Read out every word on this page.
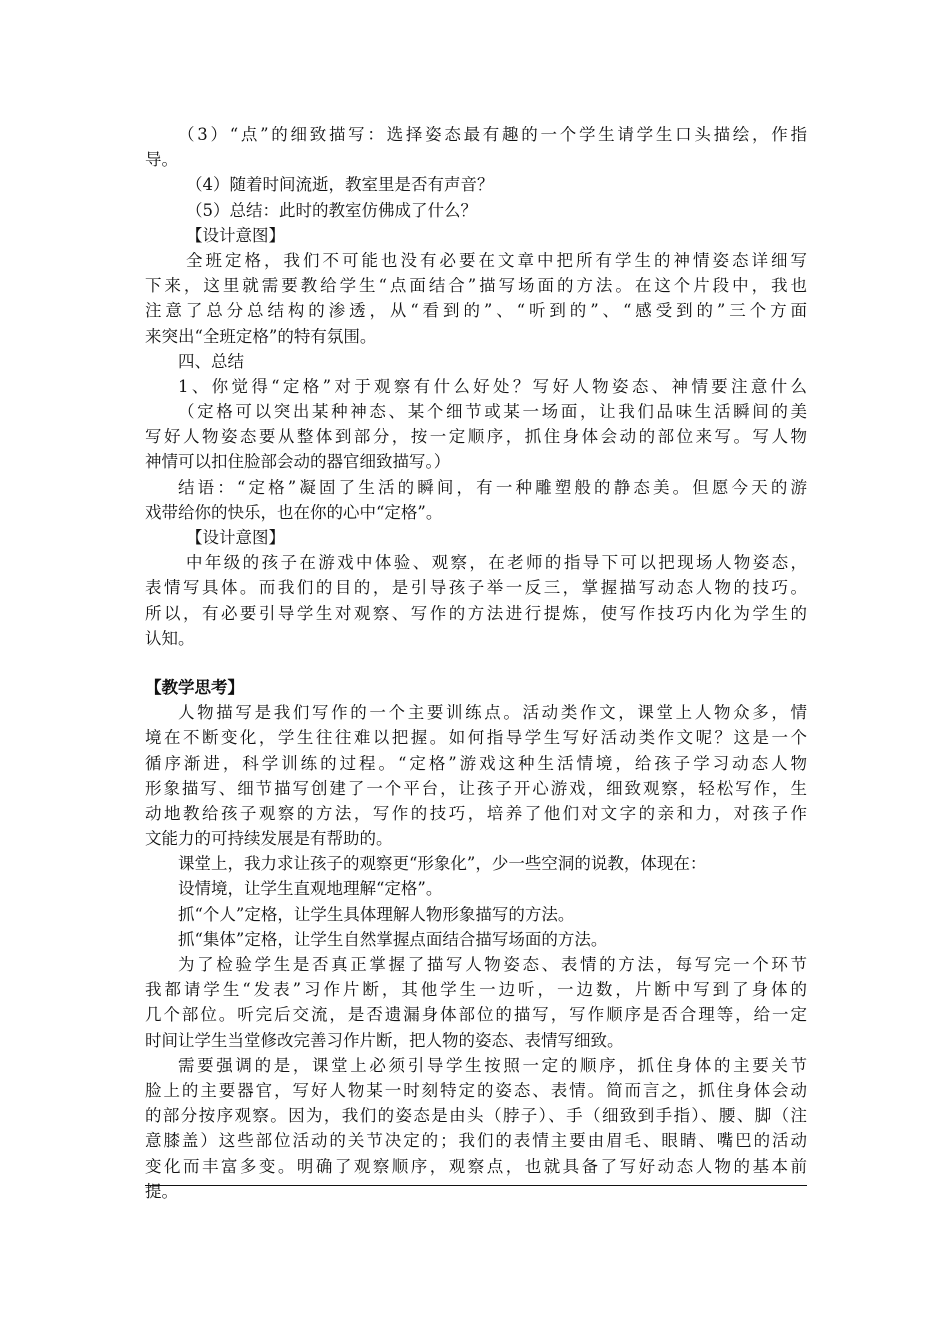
（3）“点”的细致描写：选择姿态最有趣的一个学生请学生口头描绘，作指

导。

（4）随着时间流逝，教室里是否有声音？

（5）总结：此时的教室仿佛成了什么？

【设计意图】

全班定格，我们不可能也没有必要在文章中把所有学生的神情姿态详细写

下来，这里就需要教给学生“点面结合”描写场面的方法。在这个片段中，我也

注意了总分总结构的渗透，从“看到的”、“听到的”、“感受到的”三个方面

来突出“全班定格”的特有氛围。

四、总结

1、你觉得“定格”对于观察有什么好处？写好人物姿态、神情要注意什么

（定格可以突出某种神态、某个细节或某一场面，让我们品味生活瞬间的美

写好人物姿态要从整体到部分，按一定顺序，抓住身体会动的部位来写。写人物

神情可以扣住脸部会动的器官细致描写。）

结语：“定格”凝固了生活的瞬间，有一种雕塑般的静态美。但愿今天的游

戏带给你的快乐，也在你的心中“定格”。

【设计意图】

中年级的孩子在游戏中体验、观察，在老师的指导下可以把现场人物姿态，

表情写具体。而我们的目的，是引导孩子举一反三，掌握描写动态人物的技巧。

所以，有必要引导学生对观察、写作的方法进行提炼，使写作技巧内化为学生的

认知。

【教学思考】

人物描写是我们写作的一个主要训练点。活动类作文，课堂上人物众多，情

境在不断变化，学生往往难以把握。如何指导学生写好活动类作文呢？这是一个

循序渐进，科学训练的过程。“定格”游戏这种生活情境，给孩子学习动态人物

形象描写、细节描写创建了一个平台，让孩子开心游戏，细致观察，轻松写作，生

动地教给孩子观察的方法，写作的技巧，培养了他们对文字的亲和力，对孩子作

文能力的可持续发展是有帮助的。

课堂上，我力求让孩子的观察更“形象化”，少一些空洞的说教，体现在：

设情境，让学生直观地理解“定格”。

抓“个人”定格，让学生具体理解人物形象描写的方法。

抓“集体”定格，让学生自然掌握点面结合描写场面的方法。

为了检验学生是否真正掌握了描写人物姿态、表情的方法，每写完一个环节

我都请学生“发表”习作片断，其他学生一边听，一边数，片断中写到了身体的

几个部位。听完后交流，是否遗漏身体部位的描写，写作顺序是否合理等，给一定

时间让学生当堂修改完善习作片断，把人物的姿态、表情写细致。

需要强调的是，课堂上必须引导学生按照一定的顺序，抓住身体的主要关节

脸上的主要器官，写好人物某一时刻特定的姿态、表情。简而言之，抓住身体会动

的部分按序观察。因为，我们的姿态是由头（脖子）、手（细致到手指）、腰、脚（注

意膝盖）这些部位活动的关节决定的；我们的表情主要由眉毛、眼睛、嘴巴的活动

变化而丰富多变。明确了观察顺序，观察点，也就具备了写好动态人物的基本前

提。
